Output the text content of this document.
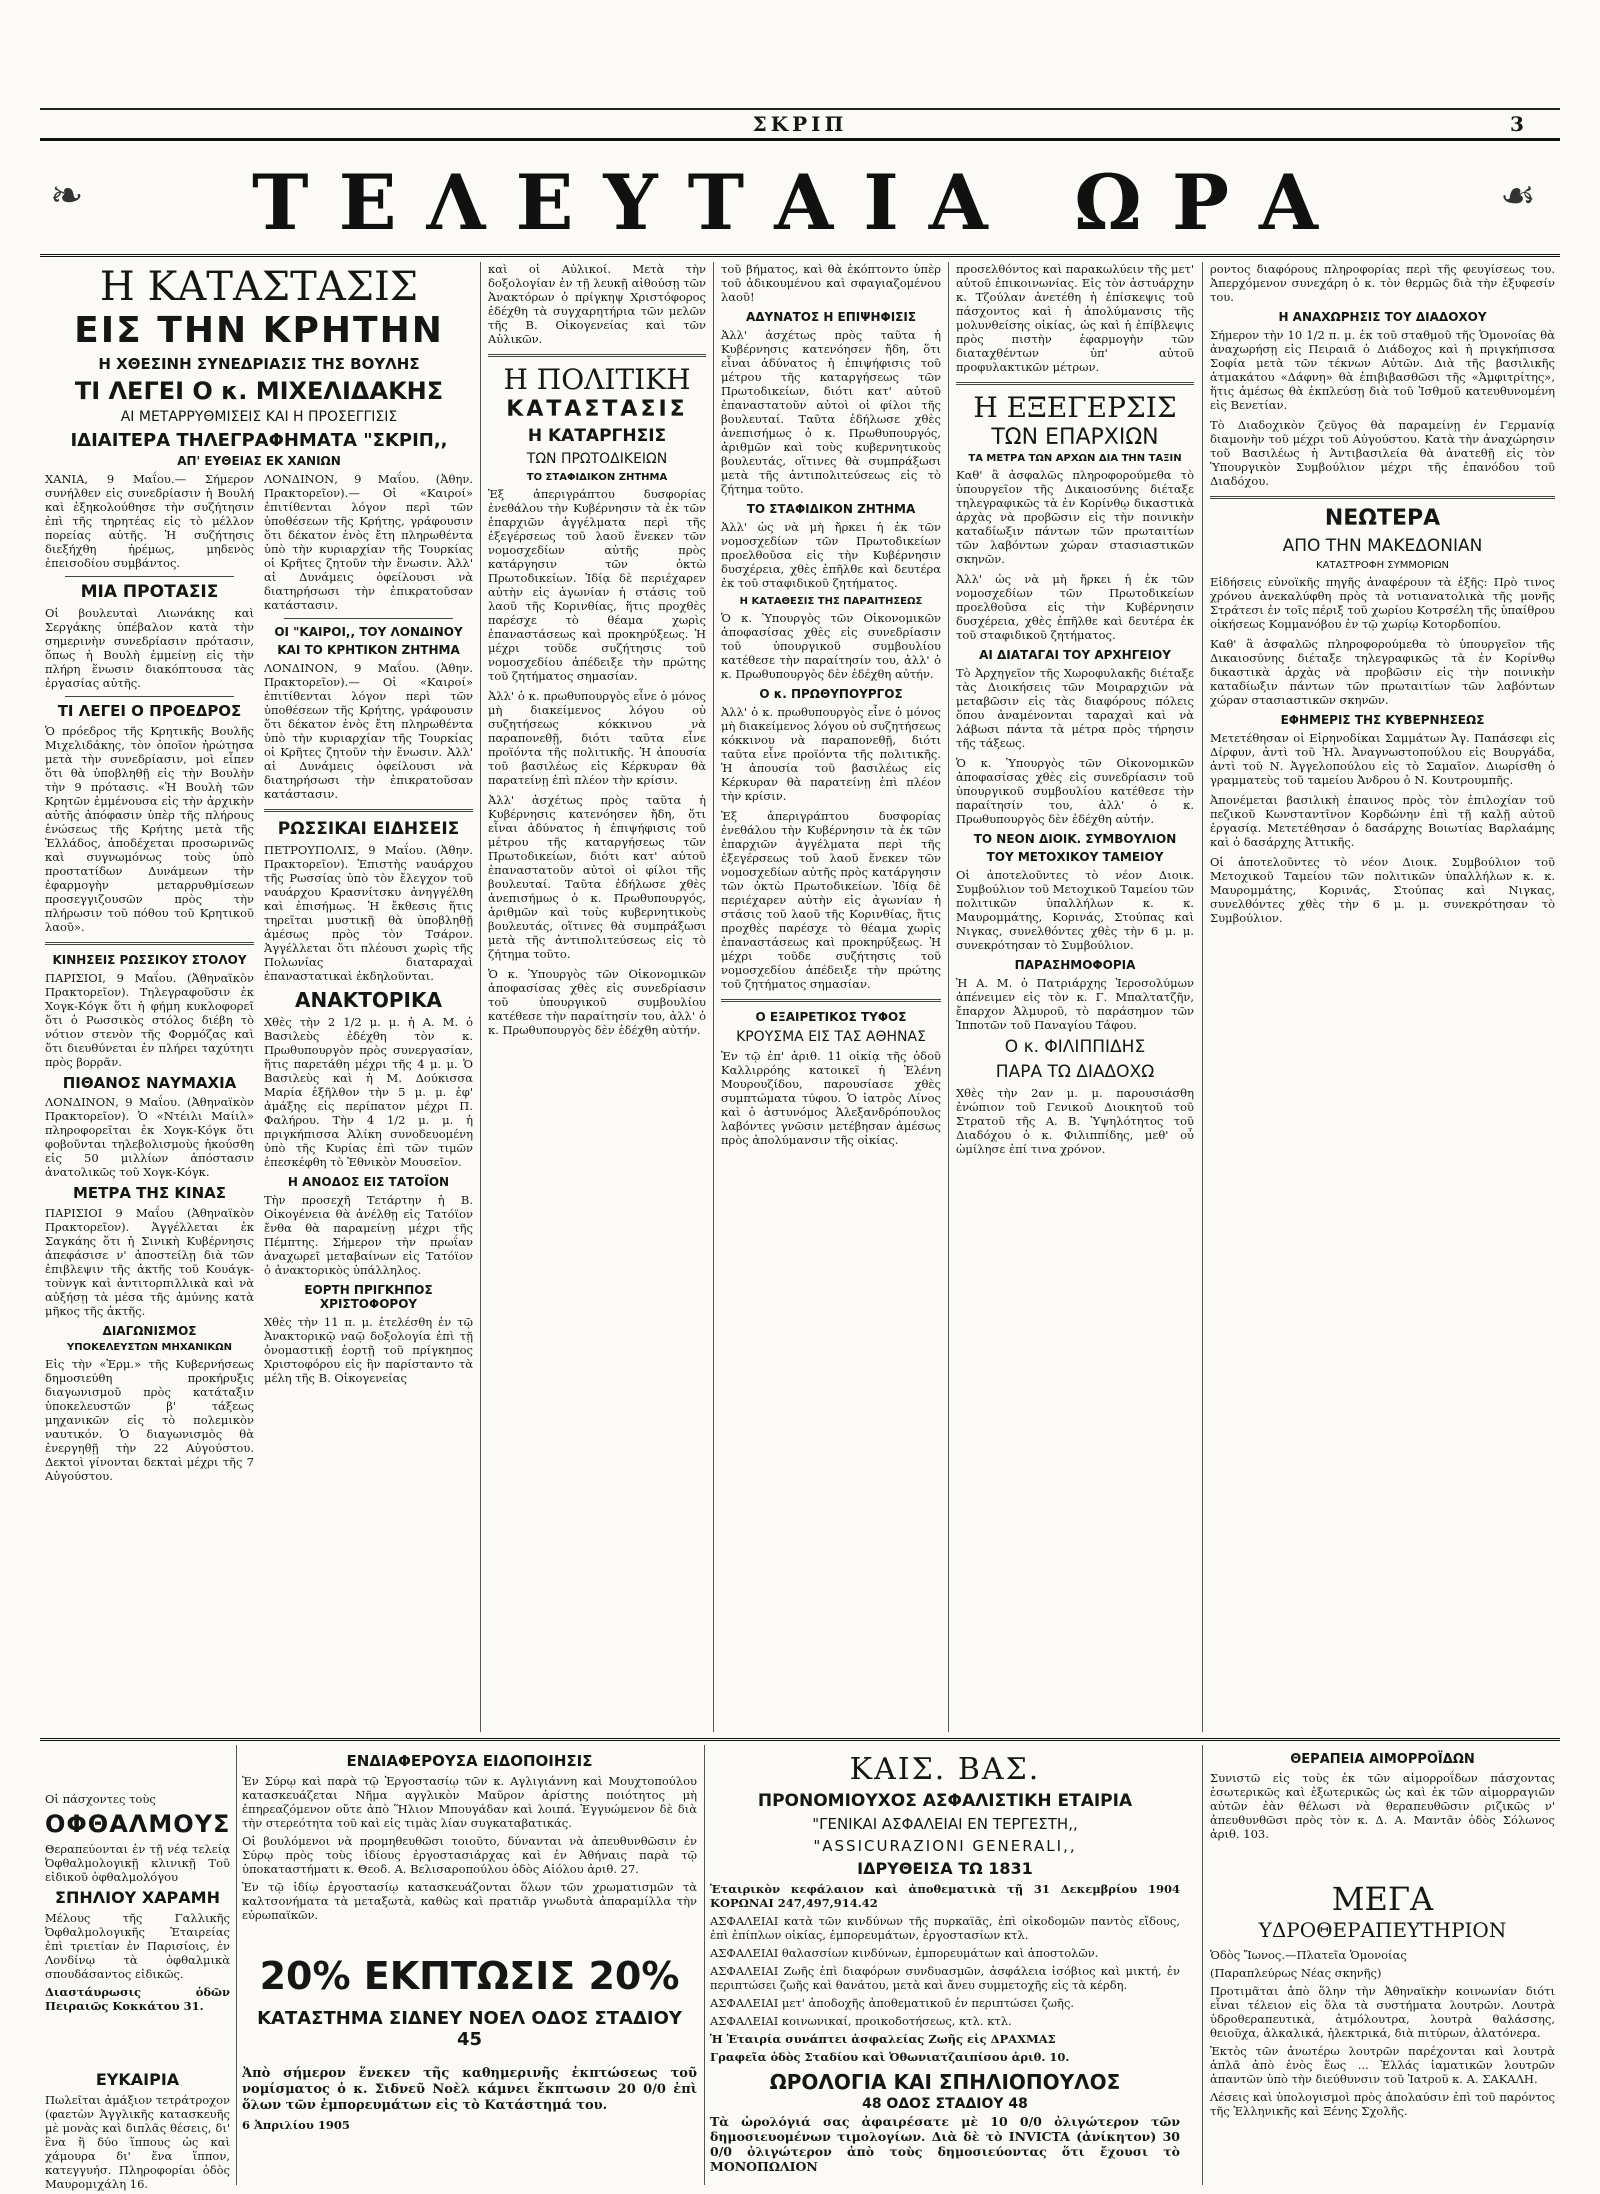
ΣΚΡΙΠ	3
❧	ΤΕΛΕΥΤΑΙΑ ΩΡΑ	☙
Η ΚΑΤΑΣΤΑΣΙΣ
ΕΙΣ ΤΗΝ ΚΡΗΤΗΝ
Η ΧΘΕΣΙΝΗ ΣΥΝΕΔΡΙΑΣΙΣ ΤΗΣ ΒΟΥΛΗΣ
ΤΙ ΛΕΓΕΙ Ο κ. ΜΙΧΕΛΙΔΑΚΗΣ
ΑΙ ΜΕΤΑΡΡΥΘΜΙΣΕΙΣ ΚΑΙ Η ΠΡΟΣΕΓΓΙΣΙΣ
ΙΔΙΑΙΤΕΡΑ ΤΗΛΕΓΡΑΦΗΜΑΤΑ "ΣΚΡΙΠ,,
ΑΠ' ΕΥΘΕΙΑΣ ΕΚ ΧΑΝΙΩΝ

ΧΑΝΙΑ, 9 Μαΐου.— Σήμερον συνήλθεν εἰς συνεδρίασιν ἡ Βουλή καὶ ἐξηκολούθησε τὴν συζήτησιν ἐπὶ τῆς τηρητέας εἰς τὸ μέλλον πορείας αὐτῆς. Ἡ συζήτησις διεξήχθη ἠρέμως, μηδενὸς ἐπεισοδίου συμβάντος.

ΜΙΑ ΠΡΟΤΑΣΙΣ

Οἱ βουλευταὶ Λιωνάκης καὶ Σεργάκης ὑπέβαλον κατὰ τὴν σημερινὴν συνεδρίασιν πρότασιν, ὅπως ἡ Βουλὴ ἐμμείνῃ εἰς τὴν πλήρη ἕνωσιν διακόπτουσα τὰς ἐργασίας αὐτῆς.

ΤΙ ΛΕΓΕΙ Ο ΠΡΟΕΔΡΟΣ

Ὁ πρόεδρος τῆς Κρητικῆς Βουλῆς Μιχελιδάκης, τὸν ὁποῖον ἠρώτησα μετὰ τὴν συνεδρίασιν, μοὶ εἶπεν ὅτι θὰ ὑποβληθῇ εἰς τὴν Βουλὴν τὴν 9 πρότασις. «Ἡ Βουλὴ τῶν Κρητῶν ἐμμένουσα εἰς τὴν ἀρχικὴν αὐτῆς ἀπόφασιν ὑπὲρ τῆς πλήρους ἑνώσεως τῆς Κρήτης μετὰ τῆς Ἑλλάδος, ἀποδέχεται προσωρινῶς καὶ συγνωμόνως τοὺς ὑπὸ προστατίδων Δυνάμεων τὴν ἐφαρμογὴν μεταρρυθμίσεων προσεγγιζουσῶν πρὸς τὴν πλήρωσιν τοῦ πόθου τοῦ Κρητικοῦ λαοῦ».

ΚΙΝΗΣΕΙΣ ΡΩΣΣΙΚΟΥ ΣΤΟΛΟΥ

ΠΑΡΙΣΙΟΙ, 9 Μαΐου. (Ἀθηναϊκὸν Πρακτορεῖον). Τηλεγραφοῦσιν ἐκ Χογκ-Κόγκ ὅτι ἡ φήμη κυκλοφορεῖ ὅτι ὁ Ρωσσικὸς στόλος διέβη τὸ νότιον στενὸν τῆς Φορμόζας καὶ ὅτι διευθύνεται ἐν πλήρει ταχύτητι πρὸς βορρᾶν.

ΠΙΘΑΝΟΣ ΝΑΥΜΑΧΙΑ

ΛΟΝΔΙΝΟΝ, 9 Μαΐου. (Ἀθηναϊκὸν Πρακτορεῖον). Ὁ «Ντέιλι Μαίιλ» πληροφορεῖται ἐκ Χογκ-Κόγκ ὅτι φοβοῦνται τηλεβολισμοὺς ἠκούσθη εἰς 50 μιλλίων ἀπόστασιν ἀνατολικῶς τοῦ Χογκ-Κόγκ.

ΜΕΤΡΑ ΤΗΣ ΚΙΝΑΣ

ΠΑΡΙΣΙΟΙ 9 Μαΐου (Ἀθηναϊκὸν Πρακτορεῖον). Ἀγγέλλεται ἐκ Σαγκάης ὅτι ἡ Σινικὴ Κυβέρνησις ἀπεφάσισε ν' ἀποστείλῃ διὰ τῶν ἐπιβλεψιν τῆς ἀκτῆς τοῦ Κουάγκ-τοὺνγκ καὶ ἀντιτορπιλλικὰ καὶ νὰ αὐξήσῃ τὰ μέσα τῆς ἀμύνης κατὰ μῆκος τῆς ἀκτῆς.

ΔΙΑΓΩΝΙΣΜΟΣ
ΥΠΟΚΕΛΕΥΣΤΩΝ ΜΗΧΑΝΙΚΩΝ

Εἰς τὴν «Ἐρμ.» τῆς Κυβερνήσεως δημοσιεύθη προκήρυξις διαγωνισμοῦ πρὸς κατάταξιν ὑποκελευστῶν β' τάξεως μηχανικῶν εἰς τὸ πολεμικὸν ναυτικόν. Ὁ διαγωνισμὸς θὰ ἐνεργηθῇ τὴν 22 Αὐγούστου. Δεκτοὶ γίνονται δεκταὶ μέχρι τῆς 7 Αὐγούστου.

ΛΟΝΔΙΝΟΝ, 9 Μαΐου. (Ἀθην. Πρακτορεῖον).— Οἱ «Καιροί» ἐπιτίθενται λόγον περὶ τῶν ὑποθέσεων τῆς Κρήτης, γράφουσιν ὅτι δέκατον ἑνὸς ἔτη πληρωθέντα ὑπὸ τὴν κυριαρχίαν τῆς Τουρκίας οἱ Κρῆτες ζητοῦν τὴν ἕνωσιν. Ἀλλ' αἱ Δυνάμεις ὀφείλουσι νὰ διατηρήσωσι τὴν ἐπικρατοῦσαν κατάστασιν.

ΟΙ "ΚΑΙΡΟΙ,, ΤΟΥ ΛΟΝΔΙΝΟΥ
ΚΑΙ ΤΟ ΚΡΗΤΙΚΟΝ ΖΗΤΗΜΑ

ΛΟΝΔΙΝΟΝ, 9 Μαΐου. (Ἀθην. Πρακτορεῖον).— Οἱ «Καιροί» ἐπιτίθενται λόγον περὶ τῶν ὑποθέσεων τῆς Κρήτης, γράφουσιν ὅτι δέκατον ἑνὸς ἔτη πληρωθέντα ὑπὸ τὴν κυριαρχίαν τῆς Τουρκίας οἱ Κρῆτες ζητοῦν τὴν ἕνωσιν. Ἀλλ' αἱ Δυνάμεις ὀφείλουσι νὰ διατηρήσωσι τὴν ἐπικρατοῦσαν κατάστασιν.

ΡΩΣΣΙΚΑΙ ΕΙΔΗΣΕΙΣ

ΠΕΤΡΟΥΠΟΛΙΣ, 9 Μαΐου. (Ἀθην. Πρακτορεῖον). Ἐπιστὴς ναυάρχου τῆς Ρωσσίας ὑπὸ τὸν ἔλεγχον τοῦ ναυάρχου Κρασνίτσκυ ἀνηγγέλθη καὶ ἐπισήμως. Ἡ ἔκθεσις ἥτις τηρεῖται μυστικῇ θὰ ὑποβληθῇ ἀμέσως πρὸς τὸν Τσάρον. Ἀγγέλλεται ὅτι πλέουσι χωρὶς τῆς Πολωνίας διαταραχαὶ ἐπαναστατικαὶ ἐκδηλοῦνται.

ΑΝΑΚΤΟΡΙΚΑ

Χθὲς τὴν 2 1/2 μ. μ. ἡ Α. Μ. ὁ Βασιλεὺς ἐδέχθη τὸν κ. Πρωθυπουργὸν πρὸς συνεργασίαν, ἥτις παρετάθη μέχρι τῆς 4 μ. μ. Ὁ Βασιλεὺς καὶ ἡ Μ. Δούκισσα Μαρία ἐξῆλθον τὴν 5 μ. μ. ἐφ' ἁμάξης εἰς περίπατον μέχρι Π. Φαλήρου. Τὴν 4 1/2 μ. μ. ἡ πριγκήπισσα Ἀλίκη συνοδευομένη ὑπὸ τῆς Κυρίας ἐπὶ τῶν τιμῶν ἐπεσκέφθη τὸ Ἐθνικὸν Μουσεῖον.

Η ΑΝΟΔΟΣ ΕΙΣ ΤΑΤΟΪΟΝ

Τὴν προσεχῆ Τετάρτην ἡ Β. Οἰκογένεια θὰ ἀνέλθῃ εἰς Τατόϊον ἔνθα θὰ παραμείνῃ μέχρι τῆς Πέμπτης. Σήμερον τὴν πρωΐαν ἀναχωρεῖ μεταβαίνων εἰς Τατόϊον ὁ ἀνακτορικὸς ὑπάλληλος.

ΕΟΡΤΗ ΠΡΙΓΚΗΠΟΣ ΧΡΙΣΤΟΦΟΡΟΥ

Χθὲς τὴν 11 π. μ. ἐτελέσθη ἐν τῷ Ἀνακτορικῷ ναῷ δοξολογία ἐπὶ τῇ ὀνομαστικῇ ἑορτῇ τοῦ πρίγκηπος Χριστοφόρου εἰς ἣν παρίσταντο τὰ μέλη τῆς Β. Οἰκογενείας

καὶ οἱ Αὐλικοί. Μετὰ τὴν δοξολογίαν ἐν τῇ λευκῇ αἰθούσῃ τῶν Ἀνακτόρων ὁ πρίγκηψ Χριστόφορος ἐδέχθη τὰ συγχαρητήρια τῶν μελῶν τῆς Β. Οἰκογενείας καὶ τῶν Αὐλικῶν.

Η ΠΟΛΙΤΙΚΗ
ΚΑΤΑΣΤΑΣΙΣ
Η ΚΑΤΑΡΓΗΣΙΣ
ΤΩΝ ΠΡΩΤΟΔΙΚΕΙΩΝ
ΤΟ ΣΤΑΦΙΔΙΚΟΝ ΖΗΤΗΜΑ

Ἐξ ἀπεριγράπτου δυσφορίας ἐνεθάλου τὴν Κυβέρνησιν τὰ ἐκ τῶν ἐπαρχιῶν ἀγγέλματα περὶ τῆς ἐξεγέρσεως τοῦ λαοῦ ἕνεκεν τῶν νομοσχεδίων αὐτῆς πρὸς κατάργησιν τῶν ὀκτὼ Πρωτοδικείων. Ἰδίᾳ δὲ περιέχαρεν αὐτὴν εἰς ἀγωνίαν ἡ στάσις τοῦ λαοῦ τῆς Κορινθίας, ἥτις προχθὲς παρέσχε τὸ θέαμα χωρὶς ἐπαναστάσεως καὶ προκηρύξεως. Ἡ μέχρι τοῦδε συζήτησις τοῦ νομοσχεδίου ἀπέδειξε τὴν πρώτης τοῦ ζητήματος σημασίαν.

Ἀλλ' ὁ κ. πρωθυπουργὸς εἶνε ὁ μόνος μὴ διακείμενος λόγου οὐ συζητήσεως κόκκινου νὰ παραπονεθῇ, διότι ταῦτα εἶνε προϊόντα τῆς πολιτικῆς. Ἡ ἀπουσία τοῦ βασιλέως εἰς Κέρκυραν θὰ παρατείνῃ ἐπὶ πλέον τὴν κρίσιν.

Ἀλλ' ἀσχέτως πρὸς ταῦτα ἡ Κυβέρνησις κατενόησεν ἤδη, ὅτι εἶναι ἀδύνατος ἡ ἐπιψήφισις τοῦ μέτρου τῆς καταργήσεως τῶν Πρωτοδικείων, διότι κατ' αὐτοῦ ἐπαναστατοῦν αὐτοὶ οἱ φίλοι τῆς βουλευταί. Ταῦτα ἐδήλωσε χθὲς ἀνεπισήμως ὁ κ. Πρωθυπουργός, ἀριθμῶν καὶ τοὺς κυβερνητικοὺς βουλευτάς, οἵτινες θὰ συμπράξωσι μετὰ τῆς ἀντιπολιτεύσεως εἰς τὸ ζήτημα τοῦτο.

Ὁ κ. Ὑπουργὸς τῶν Οἰκονομικῶν ἀποφασίσας χθὲς εἰς συνεδρίασιν τοῦ ὑπουργικοῦ συμβουλίου κατέθεσε τὴν παραίτησίν του, ἀλλ' ὁ κ. Πρωθυπουργὸς δὲν ἐδέχθη αὐτήν.

τοῦ βήματος, καὶ θὰ ἐκόπτοντο ὑπὲρ τοῦ ἀδικουμένου καὶ σφαγιαζομένου λαοῦ!

ΑΔΥΝΑΤΟΣ Η ΕΠΙΨΗΦΙΣΙΣ

Ἀλλ' ἀσχέτως πρὸς ταῦτα ἡ Κυβέρνησις κατενόησεν ἤδη, ὅτι εἶναι ἀδύνατος ἡ ἐπιψήφισις τοῦ μέτρου τῆς καταργήσεως τῶν Πρωτοδικείων, διότι κατ' αὐτοῦ ἐπαναστατοῦν αὐτοὶ οἱ φίλοι τῆς βουλευταί. Ταῦτα ἐδήλωσε χθὲς ἀνεπισήμως ὁ κ. Πρωθυπουργός, ἀριθμῶν καὶ τοὺς κυβερνητικοὺς βουλευτάς, οἵτινες θὰ συμπράξωσι μετὰ τῆς ἀντιπολιτεύσεως εἰς τὸ ζήτημα τοῦτο.

ΤΟ ΣΤΑΦΙΔΙΚΟΝ ΖΗΤΗΜΑ

Ἀλλ' ὡς νὰ μὴ ἤρκει ἡ ἐκ τῶν νομοσχεδίων τῶν Πρωτοδικείων προελθοῦσα εἰς τὴν Κυβέρνησιν δυσχέρεια, χθὲς ἐπῆλθε καὶ δευτέρα ἐκ τοῦ σταφιδικοῦ ζητήματος.

Η ΚΑΤΑΘΕΣΙΣ ΤΗΣ ΠΑΡΑΙΤΗΣΕΩΣ

Ὁ κ. Ὑπουργὸς τῶν Οἰκονομικῶν ἀποφασίσας χθὲς εἰς συνεδρίασιν τοῦ ὑπουργικοῦ συμβουλίου κατέθεσε τὴν παραίτησίν του, ἀλλ' ὁ κ. Πρωθυπουργὸς δὲν ἐδέχθη αὐτήν.

Ο κ. ΠΡΩΘΥΠΟΥΡΓΟΣ

Ἀλλ' ὁ κ. πρωθυπουργὸς εἶνε ὁ μόνος μὴ διακείμενος λόγου οὐ συζητήσεως κόκκινου νὰ παραπονεθῇ, διότι ταῦτα εἶνε προϊόντα τῆς πολιτικῆς. Ἡ ἀπουσία τοῦ βασιλέως εἰς Κέρκυραν θὰ παρατείνῃ ἐπὶ πλέον τὴν κρίσιν.

Ἐξ ἀπεριγράπτου δυσφορίας ἐνεθάλου τὴν Κυβέρνησιν τὰ ἐκ τῶν ἐπαρχιῶν ἀγγέλματα περὶ τῆς ἐξεγέρσεως τοῦ λαοῦ ἕνεκεν τῶν νομοσχεδίων αὐτῆς πρὸς κατάργησιν τῶν ὀκτὼ Πρωτοδικείων. Ἰδίᾳ δὲ περιέχαρεν αὐτὴν εἰς ἀγωνίαν ἡ στάσις τοῦ λαοῦ τῆς Κορινθίας, ἥτις προχθὲς παρέσχε τὸ θέαμα χωρὶς ἐπαναστάσεως καὶ προκηρύξεως. Ἡ μέχρι τοῦδε συζήτησις τοῦ νομοσχεδίου ἀπέδειξε τὴν πρώτης τοῦ ζητήματος σημασίαν.

Ο ΕΞΑΙΡΕΤΙΚΟΣ ΤΥΦΟΣ
ΚΡΟΥΣΜΑ ΕΙΣ ΤΑΣ ΑΘΗΝΑΣ

Ἐν τῷ ἐπ' ἀριθ. 11 οἰκίᾳ τῆς ὁδοῦ Καλλιρρόης κατοικεῖ ἡ Ἐλένη Μουρουζίδου, παρουσίασε χθὲς συμπτώματα τύφου. Ὁ ἰατρὸς Λίνος καὶ ὁ ἀστυνόμος Ἀλεξανδρόπουλος λαβόντες γνῶσιν μετέβησαν ἀμέσως πρὸς ἀπολύμανσιν τῆς οἰκίας.

προσελθόντος καὶ παρακωλύειν τῆς μετ' αὐτοῦ ἐπικοινωνίας. Εἰς τὸν ἀστυάρχην κ. Τζούλαν ἀνετέθη ἡ ἐπίσκεψις τοῦ πάσχοντος καὶ ἡ ἀπολύμανσις τῆς μολυνθείσης οἰκίας, ὡς καὶ ἡ ἐπίβλεψις πρὸς πιστὴν ἐφαρμογὴν τῶν διαταχθέντων ὑπ' αὐτοῦ προφυλακτικῶν μέτρων.

Η ΕΞΕΓΕΡΣΙΣ
ΤΩΝ ΕΠΑΡΧΙΩΝ
ΤΑ ΜΕΤΡΑ ΤΩΝ ΑΡΧΩΝ ΔΙΑ ΤΗΝ ΤΑΞΙΝ

Καθ' ἃ ἀσφαλῶς πληροφορούμεθα τὸ ὑπουργεῖον τῆς Δικαιοσύνης διέταξε τηλεγραφικῶς τὰ ἐν Κορίνθῳ δικαστικὰ ἀρχὰς νὰ προβῶσιν εἰς τὴν ποινικὴν καταδίωξιν πάντων τῶν πρωταιτίων τῶν λαβόντων χώραν στασιαστικῶν σκηνῶν.

Ἀλλ' ὡς νὰ μὴ ἤρκει ἡ ἐκ τῶν νομοσχεδίων τῶν Πρωτοδικείων προελθοῦσα εἰς τὴν Κυβέρνησιν δυσχέρεια, χθὲς ἐπῆλθε καὶ δευτέρα ἐκ τοῦ σταφιδικοῦ ζητήματος.

ΑΙ ΔΙΑΤΑΓΑΙ ΤΟΥ ΑΡΧΗΓΕΙΟΥ

Τὸ Ἀρχηγεῖον τῆς Χωροφυλακῆς διέταξε τὰς Διοικήσεις τῶν Μοιραρχιῶν νὰ μεταβῶσιν εἰς τὰς διαφόρους πόλεις ὅπου ἀναμένονται ταραχαὶ καὶ νὰ λάβωσι πάντα τὰ μέτρα πρὸς τήρησιν τῆς τάξεως.

Ὁ κ. Ὑπουργὸς τῶν Οἰκονομικῶν ἀποφασίσας χθὲς εἰς συνεδρίασιν τοῦ ὑπουργικοῦ συμβουλίου κατέθεσε τὴν παραίτησίν του, ἀλλ' ὁ κ. Πρωθυπουργὸς δὲν ἐδέχθη αὐτήν.

ΤΟ ΝΕΟΝ ΔΙΟΙΚ. ΣΥΜΒΟΥΛΙΟΝ
ΤΟΥ ΜΕΤΟΧΙΚΟΥ ΤΑΜΕΙΟΥ

Οἱ ἀποτελοῦντες τὸ νέον Διοικ. Συμβούλιον τοῦ Μετοχικοῦ Ταμείου τῶν πολιτικῶν ὑπαλλήλων κ. κ. Μαυρομμάτης, Κορινάς, Στούπας καὶ Νιγκας, συνελθόντες χθὲς τὴν 6 μ. μ. συνεκρότησαν τὸ Συμβούλιον.

ΠΑΡΑΣΗΜΟΦΟΡΙΑ

Ἡ Α. Μ. ὁ Πατριάρχης Ἱεροσολύμων ἀπένειμεν εἰς τὸν κ. Γ. Μπαλτατζῆν, ἔπαρχον Ἀλμυροῦ, τὸ παράσημον τῶν Ἱπποτῶν τοῦ Παναγίου Τάφου.

Ο κ. ΦΙΛΙΠΠΙΔΗΣ
ΠΑΡΑ ΤΩ ΔΙΑΔΟΧΩ

Χθὲς τὴν 2αν μ. μ. παρουσιάσθη ἐνώπιον τοῦ Γενικοῦ Διοικητοῦ τοῦ Στρατοῦ τῆς Α. Β. Ὑψηλότητος τοῦ Διαδόχου ὁ κ. Φιλιππίδης, μεθ' οὗ ὡμίλησε ἐπί τινα χρόνον.

ροντος διαφόρους πληροφορίας περὶ τῆς φευγίσεως του. Ἀπερχόμενον συνεχάρη ὁ κ. τὸν θερμῶς διὰ τὴν ἐξυφεσίν του.

Η ΑΝΑΧΩΡΗΣΙΣ ΤΟΥ ΔΙΑΔΟΧΟΥ

Σήμερον τὴν 10 1/2 π. μ. ἐκ τοῦ σταθμοῦ τῆς Ὁμονοίας θὰ ἀναχωρήσῃ εἰς Πειραιᾶ ὁ Διάδοχος καὶ ἡ πριγκήπισσα Σοφία μετὰ τῶν τέκνων Αὐτῶν. Διὰ τῆς βασιλικῆς ἀτμακάτου «Δάφνη» θὰ ἐπιβιβασθῶσι τῆς «Ἀμφιτρίτης», ἥτις ἀμέσως θὰ ἐκπλεύσῃ διὰ τοῦ Ἰσθμοῦ κατευθυνομένη εἰς Βενετίαν.

Τὸ Διαδοχικὸν ζεῦγος θὰ παραμείνῃ ἐν Γερμανίᾳ διαμονὴν τοῦ μέχρι τοῦ Αὐγούστου. Κατὰ τὴν ἀναχώρησιν τοῦ Βασιλέως ἡ Ἀντιβασιλεία θὰ ἀνατεθῇ εἰς τὸν Ὑπουργικὸν Συμβούλιον μέχρι τῆς ἐπανόδου τοῦ Διαδόχου.

ΝΕΩΤΕΡΑ
ΑΠΟ ΤΗΝ ΜΑΚΕΔΟΝΙΑΝ
ΚΑΤΑΣΤΡΟΦΗ ΣΥΜΜΟΡΙΩΝ

Εἰδήσεις εὐνοϊκῆς πηγῆς ἀναφέρουν τὰ ἑξῆς: Πρὸ τινος χρόνου ἀνεκαλύφθη πρὸς τὰ νοτιανατολικὰ τῆς μονῆς Στράτεσι ἐν τοῖς πέριξ τοῦ χωρίου Κοτρσέλη τῆς ὑπαίθρου οἰκήσεως Κομμανόβου ἐν τῷ χωρίῳ Κοτορδοπίου.

Καθ' ἃ ἀσφαλῶς πληροφορούμεθα τὸ ὑπουργεῖον τῆς Δικαιοσύνης διέταξε τηλεγραφικῶς τὰ ἐν Κορίνθῳ δικαστικὰ ἀρχὰς νὰ προβῶσιν εἰς τὴν ποινικὴν καταδίωξιν πάντων τῶν πρωταιτίων τῶν λαβόντων χώραν στασιαστικῶν σκηνῶν.

ΕΦΗΜΕΡΙΣ ΤΗΣ ΚΥΒΕΡΝΗΣΕΩΣ

Μετετέθησαν οἱ Εἰρηνοδίκαι Σαμμάτων Ἀγ. Παπάσεφι εἰς Δίρφυν, ἀντὶ τοῦ Ἡλ. Ἀναγνωστοπούλου εἰς Βουργάδα, ἀντὶ τοῦ Ν. Ἀγγελοπούλου εἰς τὸ Σαμαῖον. Διωρίσθη ὁ γραμματεὺς τοῦ ταμείου Ἀνδρου ὁ Ν. Κουτρουμπῆς.

Ἀπονέμεται βασιλικὴ ἐπαινος πρὸς τὸν ἐπιλοχίαν τοῦ πεζικοῦ Κωνσταντῖνον Κορδώνην ἐπὶ τῇ καλῇ αὐτοῦ ἐργασίᾳ. Μετετέθησαν ὁ δασάρχης Βοιωτίας Βαρλαάμης καὶ ὁ δασάρχης Ἀττικῆς.

Οἱ ἀποτελοῦντες τὸ νέον Διοικ. Συμβούλιον τοῦ Μετοχικοῦ Ταμείου τῶν πολιτικῶν ὑπαλλήλων κ. κ. Μαυρομμάτης, Κορινάς, Στούπας καὶ Νιγκας, συνελθόντες χθὲς τὴν 6 μ. μ. συνεκρότησαν τὸ Συμβούλιον.

Οἱ πάσχοντες τοὺς

ΟΦΘΑΛΜΟΥΣ

Θεραπεύονται ἐν τῇ νέᾳ τελείᾳ Ὀφθαλμολογικῇ κλινικῇ Τοῦ εἰδικοῦ ὀφθαλμολόγου

ΣΠΗΛΙΟΥ ΧΑΡΑΜΗ

Μέλους τῆς Γαλλικῆς Ὀφθαλμολογικῆς Ἑταιρείας ἐπὶ τριετίαν ἐν Παρισίοις, ἐν Λονδίνῳ τὰ ὀφθαλμικὰ σπουδάσαντος εἰδικῶς.

Διαστάυρωσις ὁδῶν Πειραιῶς Κοκκάτου 31.

ΕΥΚΑΙΡΙΑ

Πωλεῖται ἀμάξιον τετράτροχον (φαετὼν Ἀγγλικῆς κατασκευῆς μὲ μονὰς καὶ διπλᾶς θέσεις, δι' ἓνα ἢ δύο ἵππους ὡς καὶ χάμουρα δι' ἕνα ἵππον, κατεγγυήσ. Πληροφορίαι ὁδὸς Μαυρομιχάλη 16.

ΕΝΔΙΑΦΕΡΟΥΣΑ ΕΙΔΟΠΟΙΗΣΙΣ

Ἐν Σύρῳ καὶ παρὰ τῷ Ἐργοστασίῳ τῶν κ. Αγλιγιάννη καὶ Μουχτοπούλου κατασκευάζεται Νῆμα αγγλικὸν Μαῦρον ἀρίστης ποιότητος μὴ ἐπηρεαζόμενον οὔτε ἀπὸ Ἥλιον Μπουγάδαν καὶ λοιπά. Ἐγγυώμενον δὲ διὰ τὴν στερεότητα τοῦ καὶ εἰς τιμὰς λίαν συγκαταβατικάς.

Οἱ βουλόμενοι νὰ προμηθευθῶσι τοιοῦτο, δύνανται νὰ ἀπευθυνθῶσιν ἐν Σύρῳ πρὸς τοὺς ἰδίους ἐργοστασιάρχας καὶ ἐν Ἀθήναις παρὰ τῷ ὑποκαταστήματι κ. Θεοδ. Α. Βελισαροπούλου ὁδὸς Αἰόλου ἀριθ. 27.

Ἐν τῷ ἰδίῳ ἐργοστασίῳ κατασκευάζονται ὅλων τῶν χρωματισμῶν τὰ καλτσονήματα τὰ μεταξωτὰ, καθὼς καὶ πρατιᾶρ γνωδυτὰ ἀπαραμίλλα τὴν εὐρωπαϊκῶν.

20% ΕΚΠΤΩΣΙΣ 20%
ΚΑΤΑΣΤΗΜΑ ΣΙΔΝΕΥ ΝΟΕΛ ΟΔΟΣ ΣΤΑΔΙΟΥ 45

Ἀπὸ σήμερον ἕνεκεν τῆς καθημερινῆς ἐκπτώσεως τοῦ νομίσματος ὁ κ. Σιδνεῦ Νοὲλ κάμνει ἔκπτωσιν 20 0/0 ἐπὶ ὅλων τῶν ἐμπορευμάτων εἰς τὸ Κατάστημά του.

6 Ἀπριλίου 1905

ΚΑΙΣ. ΒΑΣ.
ΠΡΟΝΟΜΙΟΥΧΟΣ ΑΣΦΑΛΙΣΤΙΚΗ ΕΤΑΙΡΙΑ
"ΓΕΝΙΚΑΙ ΑΣΦΑΛΕΙΑΙ ΕΝ ΤΕΡΓΕΣΤΗ,,
"ASSICURAZIONI GENERALI,,
ΙΔΡΥΘΕΙΣΑ ΤΩ 1831

Ἑταιρικὸν κεφάλαιον καὶ ἀποθεματικὰ τῇ 31 Δεκεμβρίου 1904 ΚΟΡΩΝΑΙ 247,497,914.42

ΑΣΦΑΛΕΙΑΙ κατὰ τῶν κινδύνων τῆς πυρκαϊᾶς, ἐπὶ οἰκοδομῶν παντὸς εἴδους, ἐπὶ ἐπίπλων οἰκίας, ἐμπορευμάτων, ἐργοστασίων κτλ.

ΑΣΦΑΛΕΙΑΙ θαλασσίων κινδύνων, ἐμπορευμάτων καὶ ἀποστολῶν.

ΑΣΦΑΛΕΙΑΙ Ζωῆς ἐπὶ διαφόρων συνδυασμῶν, ἀσφάλεια ἰσόβιος καὶ μικτή, ἐν περιπτώσει ζωῆς καὶ θανάτου, μετὰ καὶ ἄνευ συμμετοχῆς εἰς τὰ κέρδη.

ΑΣΦΑΛΕΙΑΙ μετ' ἀποδοχῆς ἀποθεματικοῦ ἐν περιπτώσει ζωῆς.

ΑΣΦΑΛΕΙΑΙ κοινωνικαί, προικοδοτήσεως, κτλ. κτλ.

Ἡ Ἑταιρία συνάπτει ἀσφαλείας Ζωῆς εἰς ΔΡΑΧΜΑΣ

Γραφεῖα ὁδὸς Σταδίου καὶ Ὀθωνιατζαιπίσου ἀριθ. 10.

ΩΡΟΛΟΓΙΑ ΚΑΙ ΣΠΗΛΙΟΠΟΥΛΟΣ
48 ΟΔΟΣ ΣΤΑΔΙΟΥ 48

Τὰ ὡρολόγιά σας ἀφαιρέσατε μὲ 10 0/0 ὀλιγώτερον τῶν δημοσιευομένων τιμολογίων. Διὰ δὲ τὸ INVICTA (ἀνίκητον) 30 0/0 ὀλιγώτερον ἀπὸ τοὺς δημοσιεύοντας ὅτι ἔχουσι τὸ ΜΟΝΟΠΩΛΙΟΝ

ΘΕΡΑΠΕΙΑ ΑΙΜΟΡΡΟΪΔΩΝ

Συνιστῶ εἰς τοὺς ἐκ τῶν αἱμορροΐδων πάσχοντας ἐσωτερικῶς καὶ ἐξωτερικῶς ὡς καὶ ἐκ τῶν αἱμορραγιῶν αὐτῶν ἐὰν θέλωσι νὰ θεραπευθῶσιν ριζικῶς ν' ἀπευθυνθῶσι πρὸς τὸν κ. Δ. Α. Μαντᾶν ὁδὸς Σόλωνος ἀριθ. 103.

ΜΕΓΑ
ΥΔΡΟΘΕΡΑΠΕΥΤΗΡΙΟΝ

Ὁδὸς Ἴωνος.—Πλατεῖα Ὁμονοίας

(Παραπλεύρως Νέας σκηνῆς)

Προτιμᾶται ἀπὸ ὅλην τὴν Ἀθηναϊκὴν κοινωνίαν διότι εἶναι τέλειον εἰς ὅλα τὰ συστήματα λουτρῶν. Λουτρὰ ὑδροθεραπευτικὰ, ἀτμόλουτρα, λουτρὰ θαλάσσης, θειοῦχα, ἀλκαλικά, ἠλεκτρικά, διὰ πιτύρων, ἀλατόνερα.

Ἐκτὸς τῶν ἀνωτέρω λουτρῶν παρέχονται καὶ λουτρὰ ἁπλᾶ ἀπὸ ἑνὸς ἕως ... Ἐλλάς ἰαματικῶν λουτρῶν ἀπαντῶν ὑπὸ τὴν διεύθυνσιν τοῦ Ἰατροῦ κ. Α. ΣΑΚΑΛΗ.

Λέσεις καὶ ὑπολογισμοὶ πρὸς ἀπολαύσιν ἐπὶ τοῦ παρόντος τῆς Ἑλληνικῆς καὶ Ξένης Σχολῆς.
